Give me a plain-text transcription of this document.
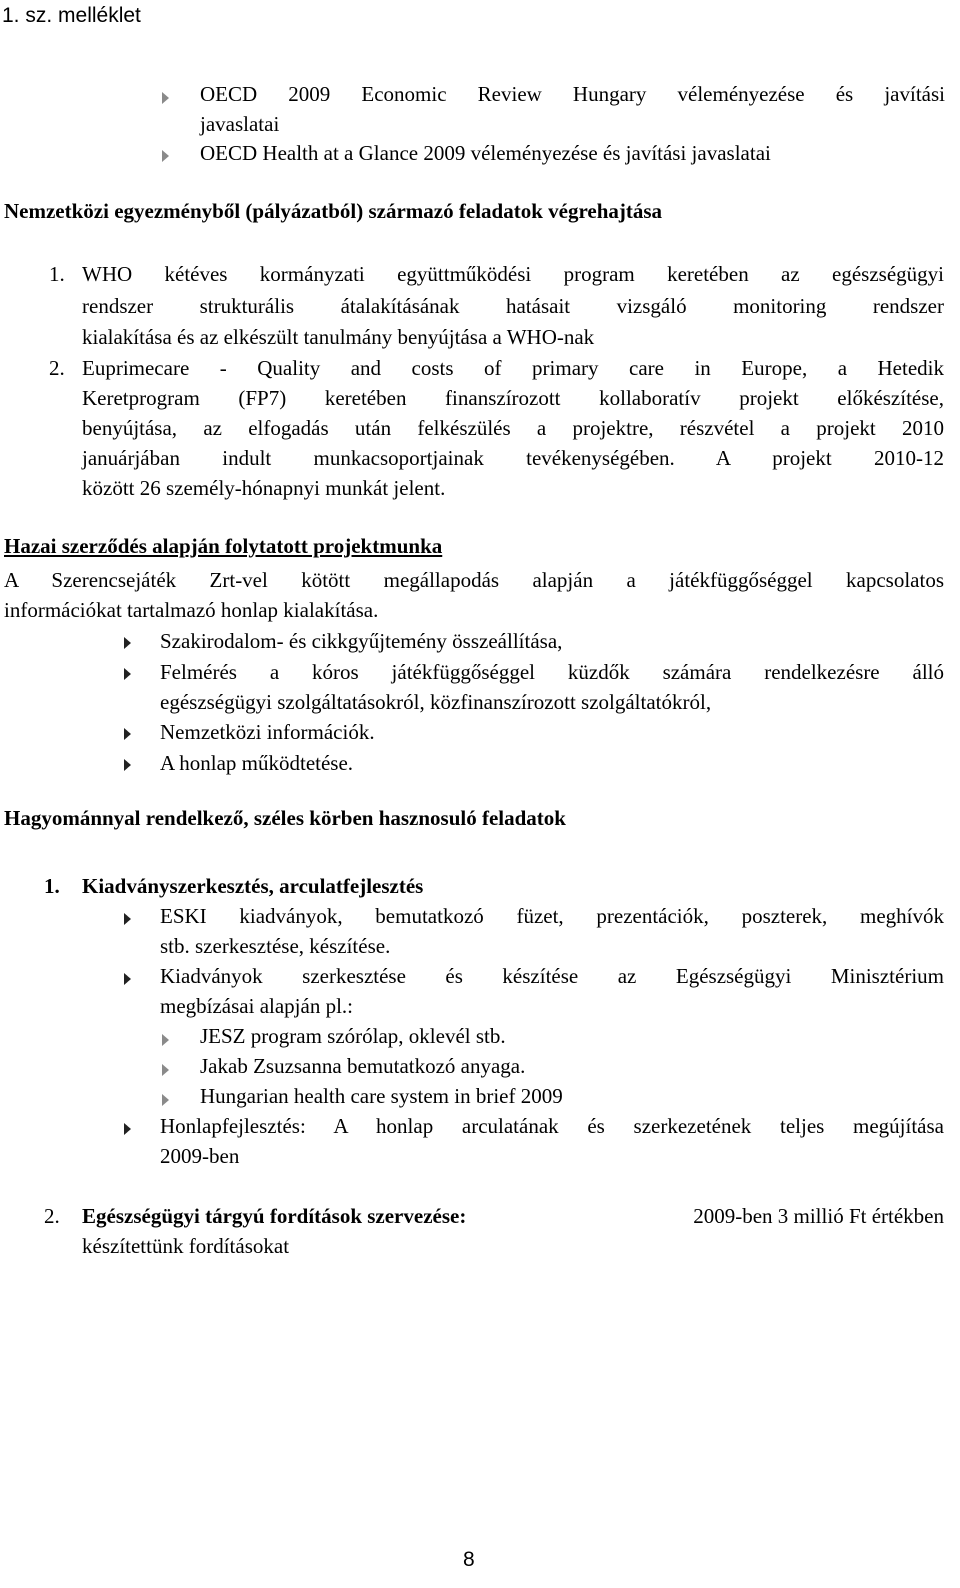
1. sz. melléklet
OECD 2009 Economic Review Hungary véleményezése és javítási
javaslatai
OECD Health at a Glance 2009 véleményezése és javítási javaslatai
Nemzetközi egyezményből (pályázatból) származó feladatok végrehajtása
1. WHO kétéves kormányzati együttműködési program keretében az egészségügyi
rendszer strukturális átalakításának hatásait vizsgáló monitoring rendszer
kialakítása és az elkészült tanulmány benyújtása a WHO-nak
2. Euprimecare - Quality and costs of primary care in Europe, a Hetedik
Keretprogram (FP7) keretében finanszírozott kollaboratív projekt előkészítése,
benyújtása, az elfogadás után felkészülés a projektre, részvétel a projekt 2010
januárjában indult munkacsoportjainak tevékenységében. A projekt 2010-12
között 26 személy-hónapnyi munkát jelent.
Hazai szerződés alapján folytatott projektmunka
A Szerencsejáték Zrt-vel kötött megállapodás alapján a játékfüggőséggel kapcsolatos
információkat tartalmazó honlap kialakítása.
Szakirodalom- és cikkgyűjtemény összeállítása,
Felmérés a kóros játékfüggőséggel küzdők számára rendelkezésre álló
egészségügyi szolgáltatásokról, közfinanszírozott szolgáltatókról,
Nemzetközi információk.
A honlap működtetése.
Hagyománnyal rendelkező, széles körben hasznosuló feladatok
1. Kiadványszerkesztés, arculatfejlesztés
ESKI kiadványok, bemutatkozó füzet, prezentációk, poszterek, meghívók
stb. szerkesztése, készítése.
Kiadványok szerkesztése és készítése az Egészségügyi Minisztérium
megbízásai alapján pl.:
JESZ program szórólap, oklevél stb.
Jakab Zsuzsanna bemutatkozó anyaga.
Hungarian health care system in brief 2009
Honlapfejlesztés: A honlap arculatának és szerkezetének teljes megújítása
2009-ben
2. Egészségügyi tárgyú fordítások szervezése:	2009-ben 3 millió Ft értékben
készítettünk fordításokat
8
